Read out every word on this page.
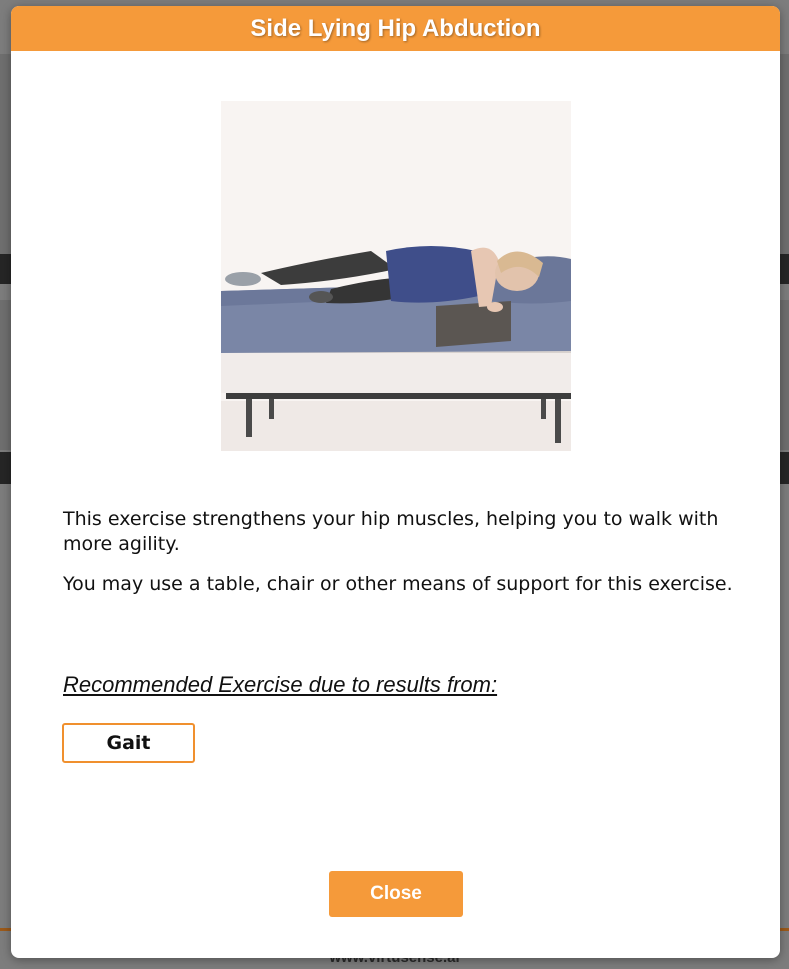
Side Lying Hip Abduction

This exercise strengthens your hip muscles, helping you to walk with more agility.

You may use a table, chair or other means of support for this exercise.

Recommended Exercise due to results from:
Gait
Close
